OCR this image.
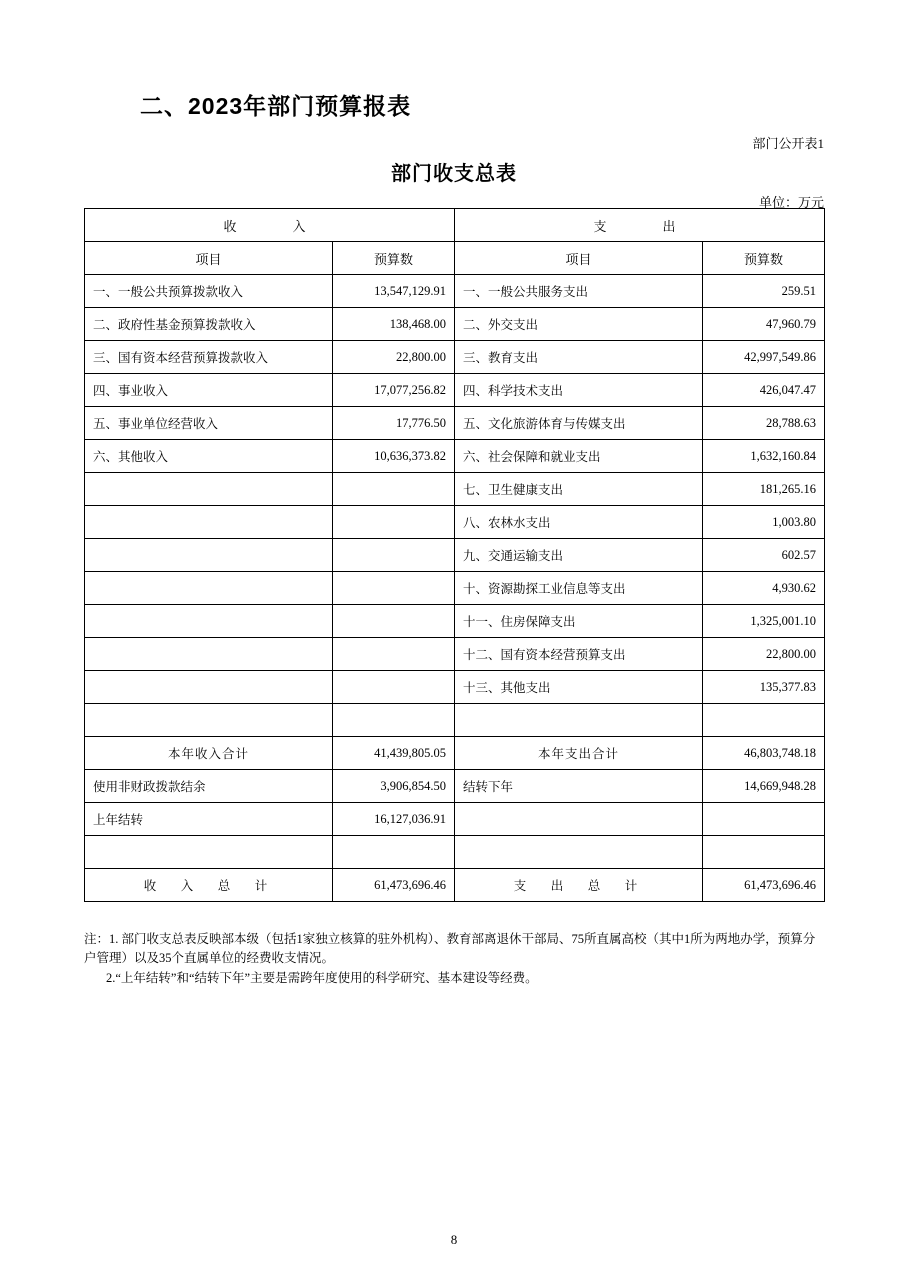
二、2023年部门预算报表
部门公开表1
部门收支总表
单位：万元
收　　入		支　　出	
项目	预算数	项目	预算数
一、一般公共预算拨款收入	13,547,129.91	一、一般公共服务支出	259.51
二、政府性基金预算拨款收入	138,468.00	二、外交支出	47,960.79
三、国有资本经营预算拨款收入	22,800.00	三、教育支出	42,997,549.86
四、事业收入	17,077,256.82	四、科学技术支出	426,047.47
五、事业单位经营收入	17,776.50	五、文化旅游体育与传媒支出	28,788.63
六、其他收入	10,636,373.82	六、社会保障和就业支出	1,632,160.84
		七、卫生健康支出	181,265.16
		八、农林水支出	1,003.80
		九、交通运输支出	602.57
		十、资源勘探工业信息等支出	4,930.62
		十一、住房保障支出	1,325,001.10
		十二、国有资本经营预算支出	22,800.00
		十三、其他支出	135,377.83

本年收入合计	41,439,805.05	本年支出合计	46,803,748.18
使用非财政拨款结余	3,906,854.50	结转下年	14,669,948.28
上年结转	16,127,036.91		

收　入　总　计	61,473,696.46	支　出　总　计	61,473,696.46
注：1. 部门收支总表反映部本级（包括1家独立核算的驻外机构）、教育部离退休干部局、75所直属高校（其中1所为两地办学，预算分户管理）以及35个直属单位的经费收支情况。
2.“上年结转”和“结转下年”主要是需跨年度使用的科学研究、基本建设等经费。
8
